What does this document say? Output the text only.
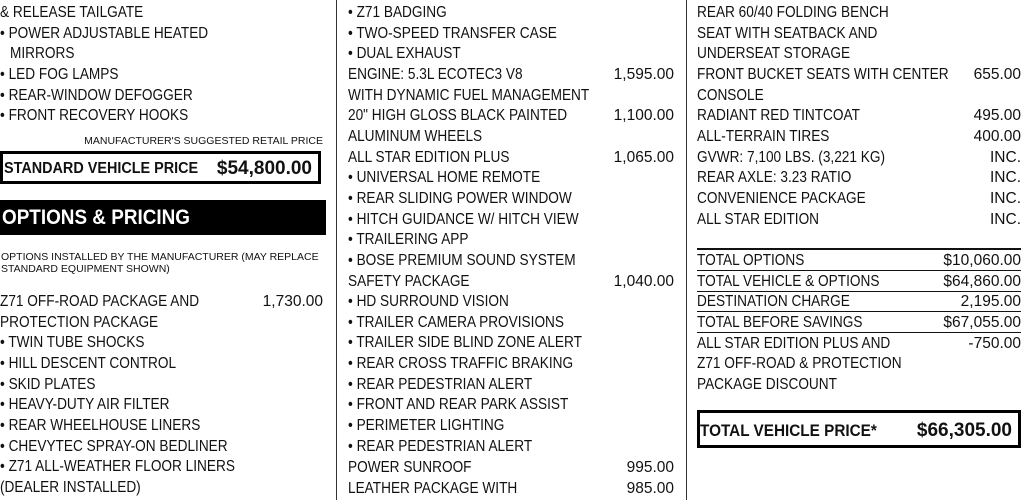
& RELEASE TAILGATE
• POWER ADJUSTABLE HEATED
MIRRORS
• LED FOG LAMPS
• REAR-WINDOW DEFOGGER
• FRONT RECOVERY HOOKS
MANUFACTURER'S SUGGESTED RETAIL PRICE
STANDARD VEHICLE PRICE $54,800.00
OPTIONS & PRICING
OPTIONS INSTALLED BY THE MANUFACTURER (MAY REPLACE
STANDARD EQUIPMENT SHOWN)
Z71 OFF-ROAD PACKAGE AND	1,730.00
PROTECTION PACKAGE
• TWIN TUBE SHOCKS
• HILL DESCENT CONTROL
• SKID PLATES
• HEAVY-DUTY AIR FILTER
• REAR WHEELHOUSE LINERS
• CHEVYTEC SPRAY-ON BEDLINER
• Z71 ALL-WEATHER FLOOR LINERS
(DEALER INSTALLED)
• Z71 BADGING
• TWO-SPEED TRANSFER CASE
• DUAL EXHAUST
ENGINE: 5.3L ECOTEC3 V8	1,595.00
WITH DYNAMIC FUEL MANAGEMENT
20" HIGH GLOSS BLACK PAINTED	1,100.00
ALUMINUM WHEELS
ALL STAR EDITION PLUS	1,065.00
• UNIVERSAL HOME REMOTE
• REAR SLIDING POWER WINDOW
• HITCH GUIDANCE W/ HITCH VIEW
• TRAILERING APP
• BOSE PREMIUM SOUND SYSTEM
SAFETY PACKAGE	1,040.00
• HD SURROUND VISION
• TRAILER CAMERA PROVISIONS
• TRAILER SIDE BLIND ZONE ALERT
• REAR CROSS TRAFFIC BRAKING
• REAR PEDESTRIAN ALERT
• FRONT AND REAR PARK ASSIST
• PERIMETER LIGHTING
• REAR PEDESTRIAN ALERT
POWER SUNROOF	995.00
LEATHER PACKAGE WITH	985.00
REAR 60/40 FOLDING BENCH
SEAT WITH SEATBACK AND
UNDERSEAT STORAGE
FRONT BUCKET SEATS WITH CENTER 655.00
CONSOLE
RADIANT RED TINTCOAT	495.00
ALL-TERRAIN TIRES	400.00
GVWR: 7,100 LBS. (3,221 KG)	INC.
REAR AXLE: 3.23 RATIO	INC.
CONVENIENCE PACKAGE	INC.
ALL STAR EDITION	INC.
TOTAL OPTIONS	$10,060.00
TOTAL VEHICLE & OPTIONS	$64,860.00
DESTINATION CHARGE	2,195.00
TOTAL BEFORE SAVINGS	$67,055.00
ALL STAR EDITION PLUS AND	-750.00
Z71 OFF-ROAD & PROTECTION
PACKAGE DISCOUNT
TOTAL VEHICLE PRICE* $66,305.00
